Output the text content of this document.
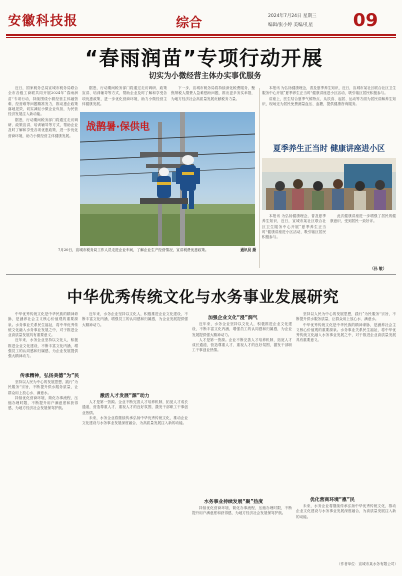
安徽科技报	综合	2024年7月24日 星期三
编辑/张小婷 美编/孔星 09
“春雨润苗”专项行动开展
切实为小微经营主体办实事优服务

近日，国家税务总局宣城市税务局联合全市各级工商联共同开展2024年“春雨润苗”专项行动，持续围绕小微经营主体融资难、经营难等问题精准发力，推动惠企政策落地见效，切实减轻小微企业负担，为民营经济发展注入新动能。

据悉，行动期间税务部门将通过走访调研、政策宣讲、培训辅导等方式，帮助企业及时了解和享受各项优惠政策，进一步优化营商环境，助力小微经营主体健康发展。

据悉，行动期间税务部门将通过走访调研、政策宣讲、培训辅导等方式，帮助企业及时了解和享受各项优惠政策，进一步优化营商环境，助力小微经营主体健康发展。

下一步，宣城市税务局将持续深化税费服务，聚焦纳税人缴费人急难愁盼问题，推出更多务实举措，为地方经济社会高质量发展贡献税务力量。

战鹊暑·保供电
7月20日，宣城市税务局工作人员走进企业车间，了解企业生产经营情况，宣讲税费优惠政策。	通讯员 摄

本报讯 为弘扬健康理念，普及夏季养生知识，近日，宣城市某社区联合社区卫生服务中心开展“夏季养生正当时”健康讲座进小区活动，吸引辖区居民积极参与。

讲座上，医生结合夏季气候特点，从饮食、起居、运动等方面为居民讲解养生知识，现场还为居民免费测量血压、血糖，提供健康咨询服务。

夏季养生正当时 健康讲座进小区

本报讯 为弘扬健康理念，普及夏季养生知识，近日，宣城市某社区联合社区卫生服务中心开展“夏季养生正当时”健康讲座进小区活动，吸引辖区居民积极参与。

此次健康讲座进一步增强了居民的健康意识，受到居民一致好评。

（孙 敏）
中华优秀传统文化与水务事业发展研究

中华优秀传统文化是中华民族的精神命脉，是涵养社会主义核心价值观的重要源泉。水务事业关系民生福祉，将中华优秀传统文化融入水务事业发展之中，对于推进企业高质量发展具有重要意义。

近年来，水务企业坚持以文化人，积极推进企业文化建设，不断丰富文化内涵，增强员工的认同感和归属感，为企业发展提供强大精神动力。

传承精神，弘扬美德“为”民

坚持以人民为中心的发展思想，践行“为民服务”宗旨，不断提升供水服务质量，让群众用上放心水、满意水。

持续优化营商环境，简化办事流程，压缩办理时限，不断提升用户满意度和获得感，为地方经济社会发展保驾护航。

近年来，水务企业坚持以文化人，积极推进企业文化建设，不断丰富文化内涵，增强员工的认同感和归属感，为企业发展提供强大精神动力。

激活人才发展“源”动力

人才是第一资源。企业不断完善人才培养机制，拓宽人才成长通道，营造尊重人才、重视人才的良好氛围，激发干部职工干事创业热情。

未来，水务企业将继续传承弘扬中华优秀传统文化，推动企业文化建设与水务事业发展深度融合，为高质量发展注入新的动能。

加强企业文化“浸”润气

近年来，水务企业坚持以文化人，积极推进企业文化建设，不断丰富文化内涵，增强员工的认同感和归属感，为企业发展提供强大精神动力。

人才是第一资源。企业不断完善人才培养机制，拓宽人才成长通道，营造尊重人才、重视人才的良好氛围，激发干部职工干事创业热情。

水务事业持续发展“聚”热度

持续优化营商环境，简化办事流程，压缩办理时限，不断提升用户满意度和获得感，为地方经济社会发展保驾护航。

坚持以人民为中心的发展思想，践行“为民服务”宗旨，不断提升供水服务质量，让群众用上放心水、满意水。

中华优秀传统文化是中华民族的精神命脉，是涵养社会主义核心价值观的重要源泉。水务事业关系民生福祉，将中华优秀传统文化融入水务事业发展之中，对于推进企业高质量发展具有重要意义。

优化营商环境“惠”民

未来，水务企业将继续传承弘扬中华优秀传统文化，推动企业文化建设与水务事业发展深度融合，为高质量发展注入新的动能。

（作者单位：宣城市某水务有限公司）
